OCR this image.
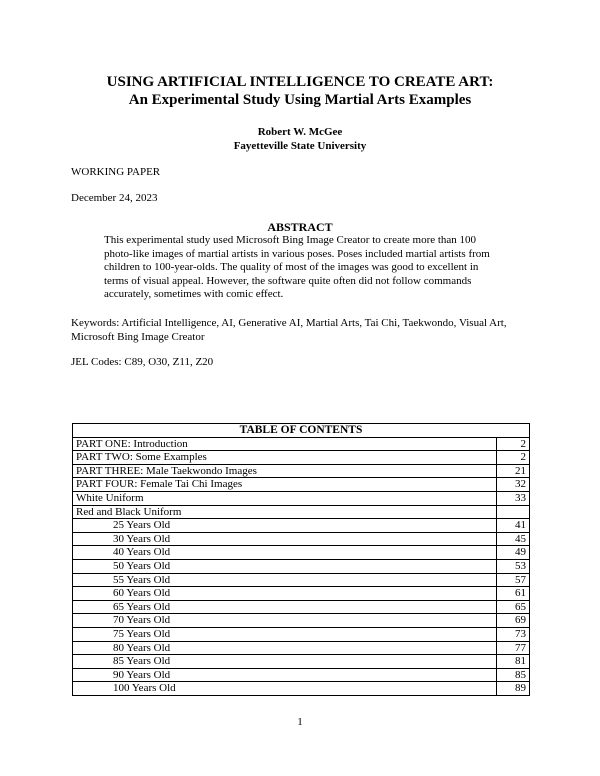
USING ARTIFICIAL INTELLIGENCE TO CREATE ART:
An Experimental Study Using Martial Arts Examples
Robert W. McGee
Fayetteville State University
WORKING PAPER
December 24, 2023
ABSTRACT
This experimental study used Microsoft Bing Image Creator to create more than 100 photo-like images of martial artists in various poses. Poses included martial artists from children to 100-year-olds. The quality of most of the images was good to excellent in terms of visual appeal. However, the software quite often did not follow commands accurately, sometimes with comic effect.
Keywords: Artificial Intelligence, AI, Generative AI, Martial Arts, Tai Chi, Taekwondo, Visual Art, Microsoft Bing Image Creator
JEL Codes: C89, O30, Z11, Z20
TABLE OF CONTENTS	
PART ONE: Introduction	2
PART TWO: Some Examples	2
PART THREE: Male Taekwondo Images	21
PART FOUR: Female Tai Chi Images	32
White Uniform	33
Red and Black Uniform	
25 Years Old	41
30 Years Old	45
40 Years Old	49
50 Years Old	53
55 Years Old	57
60 Years Old	61
65 Years Old	65
70 Years Old	69
75 Years Old	73
80 Years Old	77
85 Years Old	81
90 Years Old	85
100 Years Old	89
1
